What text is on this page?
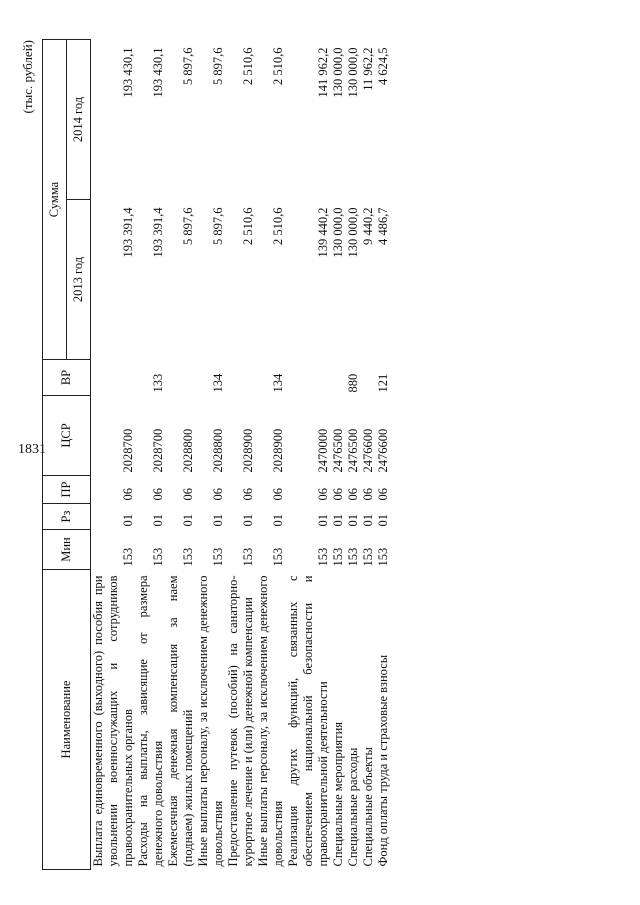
1831
(тыс. рублей)
Наименование	Мин	Рз	ПР	ЦСР	ВР	Сумма	
						2013 год	2014 год
Выплата единовременного (выходного) пособия при увольнении военнослужащих и сотрудников правоохранительных органов	153	01	06	2028700		193 391,4	193 430,1
Расходы на выплаты, зависящие от размера денежного довольствия	153	01	06	2028700	133	193 391,4	193 430,1
Ежемесячная денежная компенсация за наем (поднаем) жилых помещений	153	01	06	2028800		5 897,6	5 897,6
Иные выплаты персоналу, за исключением денежного довольствия	153	01	06	2028800	134	5 897,6	5 897,6
Предоставление путевок (пособий) на санаторно-курортное лечение и (или) денежной компенсации	153	01	06	2028900		2 510,6	2 510,6
Иные выплаты персоналу, за исключением денежного довольствия	153	01	06	2028900	134	2 510,6	2 510,6
Реализация других функций, связанных с обеспечением национальной безопасности и правоохранительной деятельности	153	01	06	2470000		139 440,2	141 962,2
Специальные мероприятия	153	01	06	2476500		130 000,0	130 000,0
Специальные расходы	153	01	06	2476500	880	130 000,0	130 000,0
Специальные объекты	153	01	06	2476600		9 440,2	11 962,2
Фонд оплаты труда и страховые взносы	153	01	06	2476600	121	4 486,7	4 624,5
